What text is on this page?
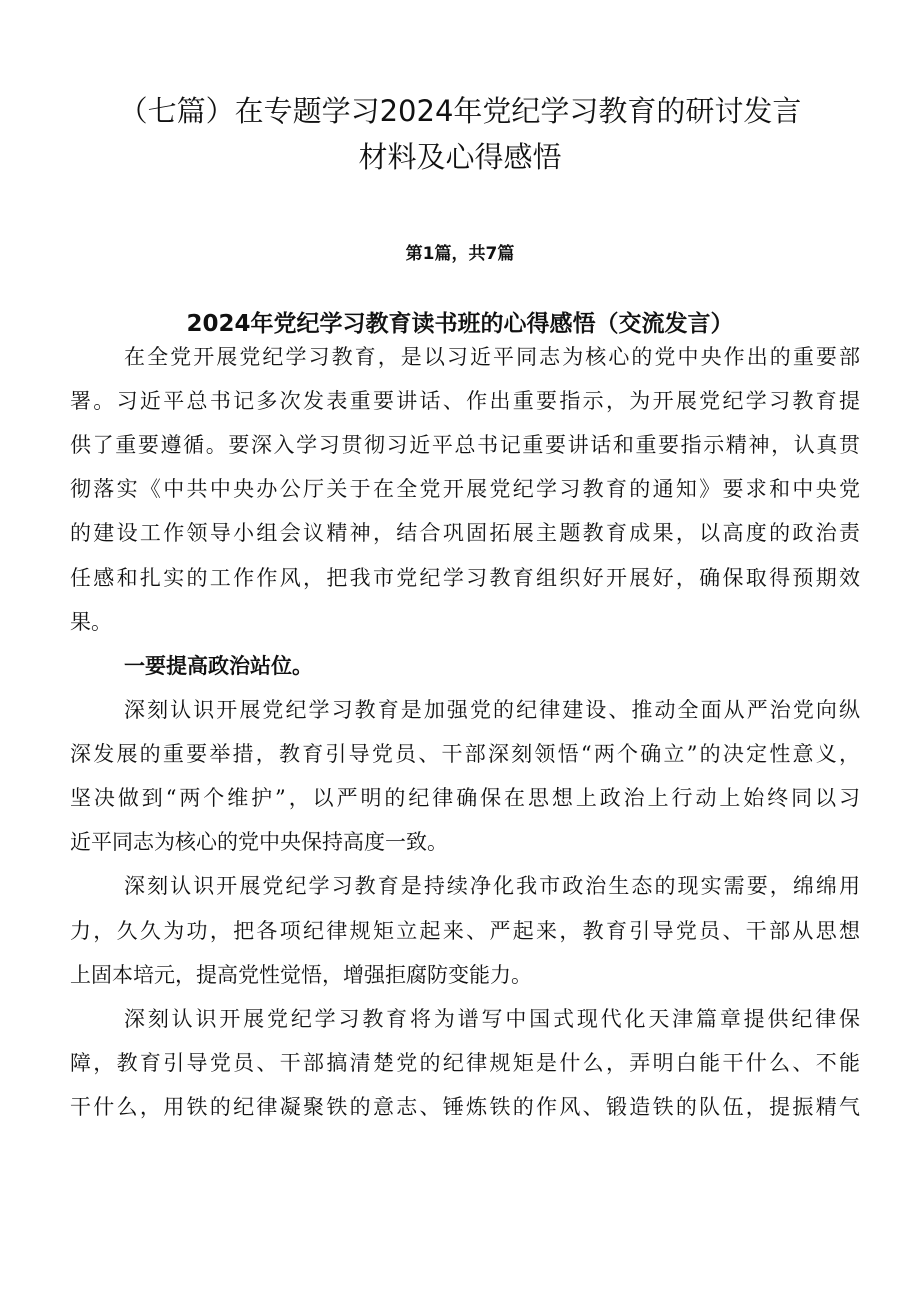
（七篇）在专题学习2024年党纪学习教育的研讨发言
材料及心得感悟
第1篇，共7篇
2024年党纪学习教育读书班的心得感悟（交流发言）
在全党开展党纪学习教育，是以习近平同志为核心的党中央作出的重要部
署。习近平总书记多次发表重要讲话、作出重要指示，为开展党纪学习教育提
供了重要遵循。要深入学习贯彻习近平总书记重要讲话和重要指示精神，认真贯
彻落实《中共中央办公厅关于在全党开展党纪学习教育的通知》要求和中央党
的建设工作领导小组会议精神，结合巩固拓展主题教育成果，以高度的政治责
任感和扎实的工作作风，把我市党纪学习教育组织好开展好，确保取得预期效
果。
一要提高政治站位。
深刻认识开展党纪学习教育是加强党的纪律建设、推动全面从严治党向纵
深发展的重要举措，教育引导党员、干部深刻领悟“两个确立”的决定性意义，
坚决做到“两个维护”，以严明的纪律确保在思想上政治上行动上始终同以习
近平同志为核心的党中央保持高度一致。
深刻认识开展党纪学习教育是持续净化我市政治生态的现实需要，绵绵用
力，久久为功，把各项纪律规矩立起来、严起来，教育引导党员、干部从思想
上固本培元，提高党性觉悟，增强拒腐防变能力。
深刻认识开展党纪学习教育将为谱写中国式现代化天津篇章提供纪律保
障，教育引导党员、干部搞清楚党的纪律规矩是什么，弄明白能干什么、不能
干什么，用铁的纪律凝聚铁的意志、锤炼铁的作风、锻造铁的队伍，提振精气
